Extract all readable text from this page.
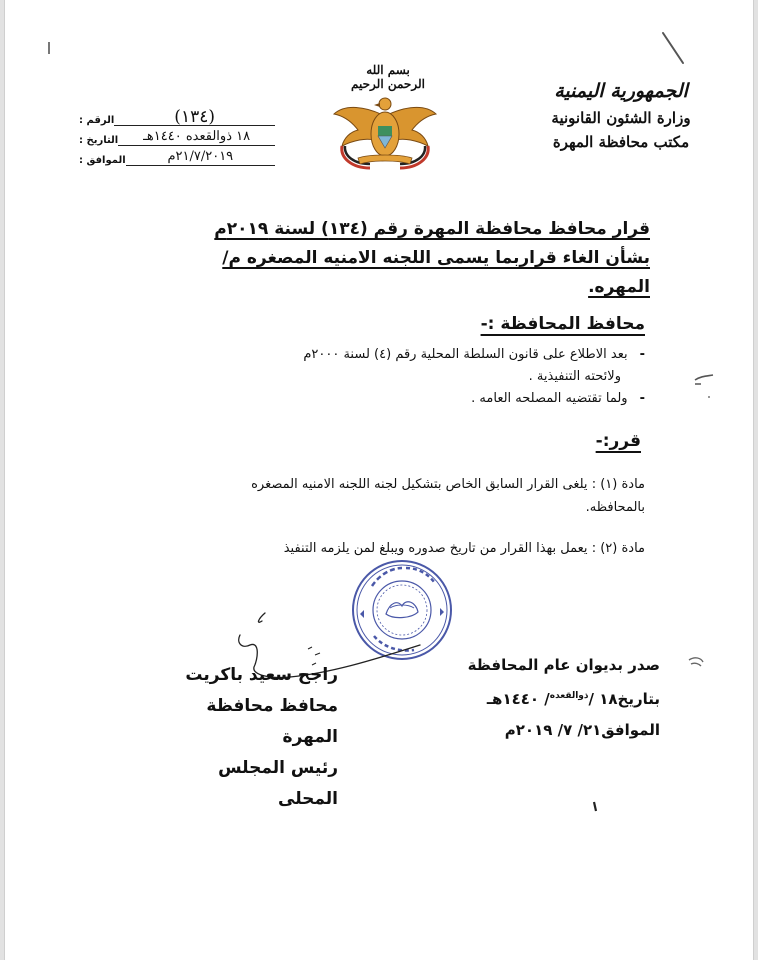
الجمهورية اليمنية
وزارة الشئون القانونية
مكتب محافظة المهرة
بسم الله الرحمن الرحيم
الرقم :	(١٣٤)
التاريخ :	١٨ ذوالقعده ١٤٤٠هـ
الموافق :	٢١/٧/٢٠١٩م
قرار محافظ محافظة المهرة رقم (١٣٤) لسنة ٢٠١٩م
بشأن الغاء قراربما يسمى اللجنه الامنيه المصغره م/المهره.
محافظ المحافظة :-
-بعد الاطلاع على قانون السلطة المحلية رقم (٤) لسنة ٢٠٠٠م
ولائحته التنفيذية .
-ولما تقتضيه المصلحه العامه .
قرر:-
مادة (١) : يلغى القرار السابق الخاص بتشكيل لجنه اللجنه الامنيه المصغره
بالمحافظه.
مادة (٢) : يعمل بهذا القرار من تاريخ صدوره ويبلغ لمن يلزمه التنفيذ
راجح سعيد باكريت
محافظ محافظة المهرة
رئيس المجلس المحلى
صدر بديوان عام المحافظة
بتاريخ١٨ /$^{ذوالقعده}$/ ١٤٤٠هـ
الموافق٢١/ ٧/ ٢٠١٩م
